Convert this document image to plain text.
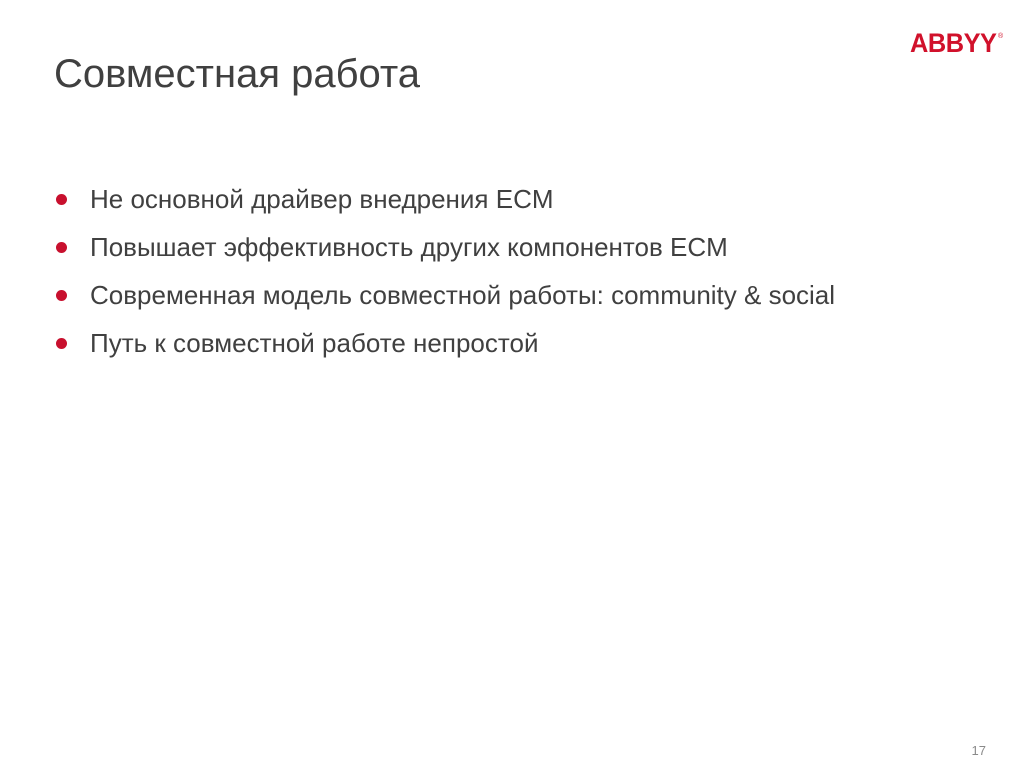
Совместная работа
ABBYY ®
Не основной драйвер внедрения ECM
Повышает эффективность других компонентов ECM
Современная модель совместной работы: community & social
Путь к совместной работе непростой
17
